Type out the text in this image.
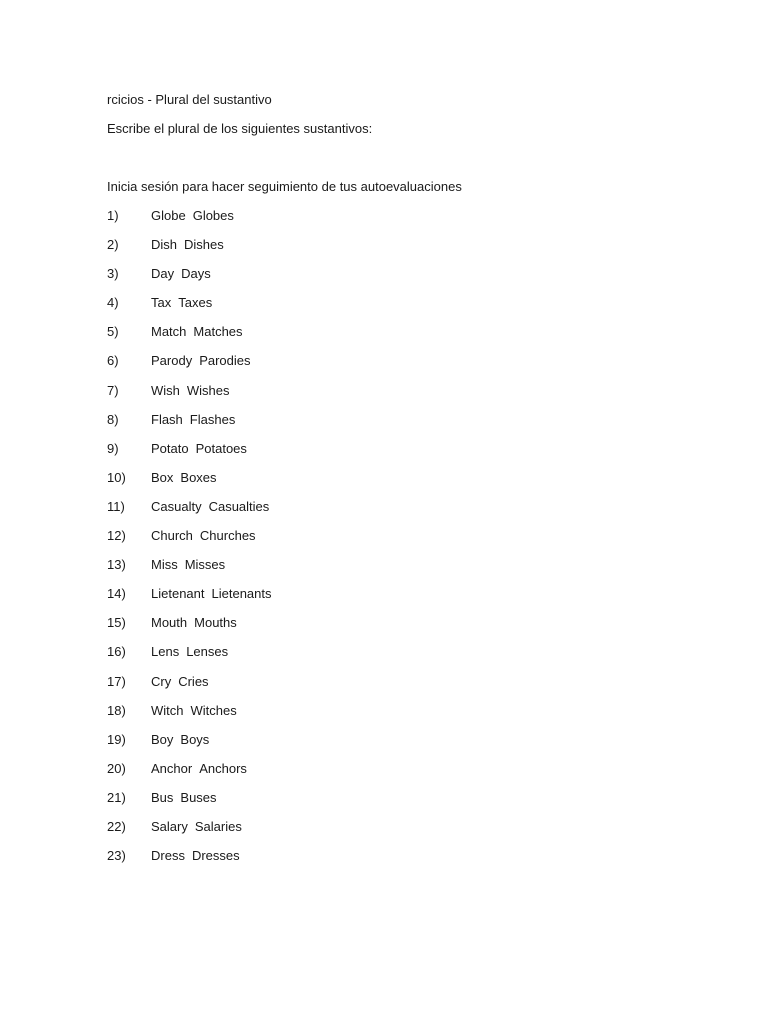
rcicios - Plural del sustantivo
Escribe el plural de los siguientes sustantivos:
Inicia sesión para hacer seguimiento de tus autoevaluaciones
1)	Globe Globes
2)	Dish Dishes
3)	Day Days
4)	Tax Taxes
5)	Match Matches
6)	Parody Parodies
7)	Wish Wishes
8)	Flash Flashes
9)	Potato Potatoes
10)	Box Boxes
11)	Casualty Casualties
12)	Church Churches
13)	Miss Misses
14)	Lietenant Lietenants
15)	Mouth Mouths
16)	Lens Lenses
17)	Cry Cries
18)	Witch Witches
19)	Boy Boys
20)	Anchor Anchors
21)	Bus Buses
22)	Salary Salaries
23)	Dress Dresses
